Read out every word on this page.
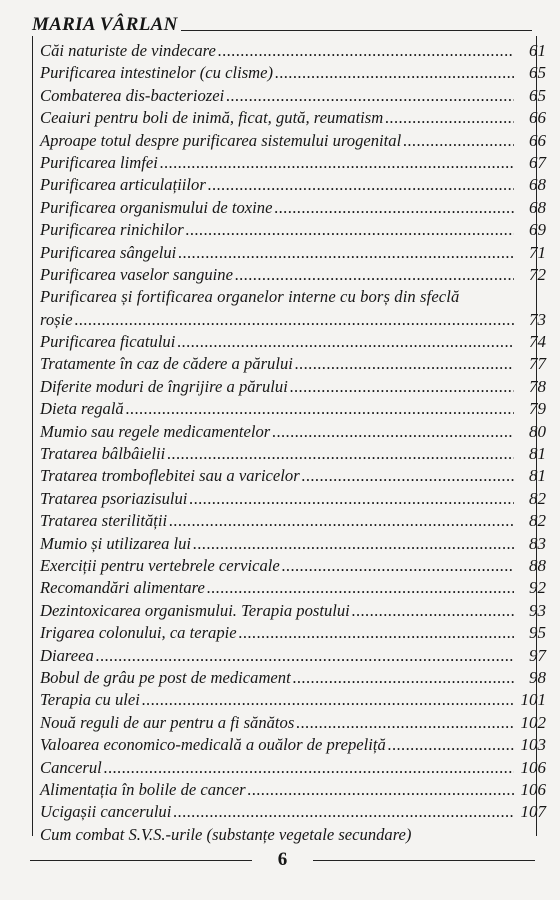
MARIA VÂRLAN
Căi naturiste de vindecare .....	61
Purificarea intestinelor (cu clisme) .....	65
Combaterea dis-bacteriozei .....	65
Ceaiuri pentru boli de inimă, ficat, gută, reumatism .....	66
Aproape totul despre purificarea sistemului urogenital .....	66
Purificarea limfei .....	67
Purificarea articulațiilor .....	68
Purificarea organismului de toxine .....	68
Purificarea rinichilor .....	69
Purificarea sângelui .....	71
Purificarea vaselor sanguine .....	72
Purificarea și fortificarea organelor interne cu borș din sfeclă
roșie .....	73
Purificarea ficatului .....	74
Tratamente în caz de cădere a părului .....	77
Diferite moduri de îngrijire a părului .....	78
Dieta regală .....	79
Mumio sau regele medicamentelor .....	80
Tratarea bâlbâielii .....	81
Tratarea tromboflebitei sau a varicelor .....	81
Tratarea psoriazisului .....	82
Tratarea sterilității .....	82
Mumio și utilizarea lui .....	83
Exerciții pentru vertebrele cervicale .....	88
Recomandări alimentare .....	92
Dezintoxicarea organismului. Terapia postului .....	93
Irigarea colonului, ca terapie .....	95
Diareea .....	97
Bobul de grâu pe post de medicament .....	98
Terapia cu ulei .....	101
Nouă reguli de aur pentru a fi sănătos .....	102
Valoarea economico-medicală a ouălor de prepeliță .....	103
Cancerul .....	106
Alimentația în bolile de cancer .....	106
Ucigașii cancerului .....	107
Cum combat S.V.S.-urile (substanțe vegetale secundare)
6
